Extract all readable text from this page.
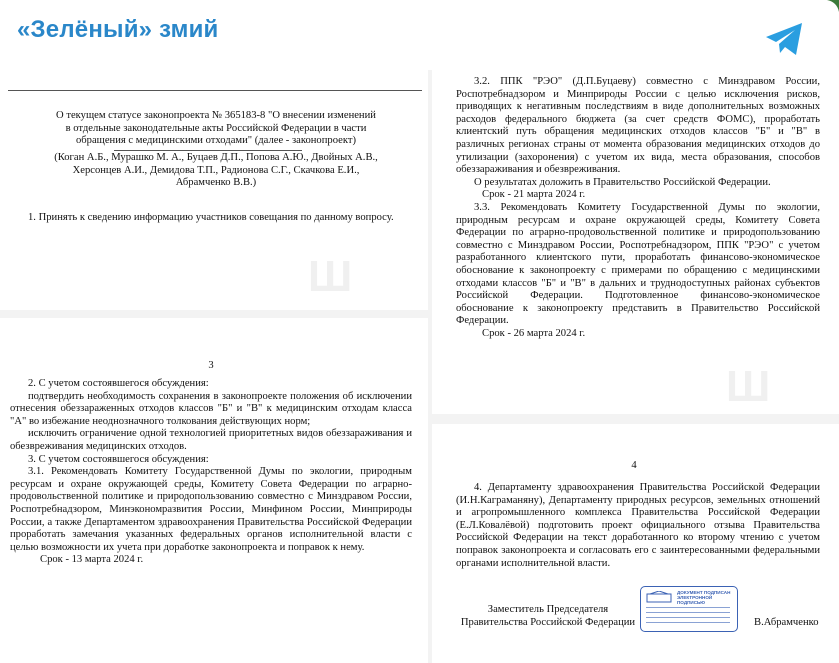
«Зелёный» змий
Ш
О текущем статусе законопроекта № 365183-8 "О внесении изменений
в отдельные законодательные акты Российской Федерации в части
обращения с медицинскими отходами" (далее - законопроект)
(Коган А.Б., Мурашко М. А., Буцаев Д.П., Попова А.Ю., Двойных А.В.,
Херсонцев А.И., Демидова Т.П., Радионова С.Г., Скачкова Е.И.,
Абрамченко В.В.)

1. Принять к сведению информацию участников совещания по данному вопросу.

3

2. С учетом состоявшегося обсуждения:

подтвердить необходимость сохранения в законопроекте положения об исключении отнесения обеззараженных отходов классов "Б" и "В" к медицинским отходам класса "А" во избежание неоднозначного толкования действующих норм;

исключить ограничение одной технологией приоритетных видов обеззараживания и обезвреживания медицинских отходов.

3. С учетом состоявшегося обсуждения:

3.1. Рекомендовать Комитету Государственной Думы по экологии, природным ресурсам и охране окружающей среды, Комитету Совета Федерации по аграрно-продовольственной политике и природопользованию совместно с Минздравом России, Роспотребнадзором, Минэкономразвития России, Минфином России, Минприроды России, а также Департаментом здравоохранения Правительства Российской Федерации проработать замечания указанных федеральных органов исполнительной власти с целью возможности их учета при доработке законопроекта и поправок к нему.

Срок - 13 марта 2024 г.

Ш

3.2. ППК "РЭО" (Д.П.Буцаеву) совместно с Минздравом России, Роспотребнадзором и Минприроды России с целью исключения рисков, приводящих к негативным последствиям в виде дополнительных возможных расходов федерального бюджета (за счет средств ФОМС), проработать клиентский путь обращения медицинских отходов классов "Б" и "В" в различных регионах страны от момента образования медицинских отходов до утилизации (захоронения) с учетом их вида, места образования, способов обеззараживания и обезвреживания.

О результатах доложить в Правительство Российской Федерации.

Срок - 21 марта 2024 г.

3.3. Рекомендовать Комитету Государственной Думы по экологии, природным ресурсам и охране окружающей среды, Комитету Совета Федерации по аграрно-продовольственной политике и природопользованию совместно с Минздравом России, Роспотребнадзором, ППК "РЭО" с учетом разработанного клиентского пути, проработать финансово-экономическое обоснование к законопроекту с примерами по обращению с медицинскими отходами классов "Б" и "В" в дальних и труднодоступных районах субъектов Российской Федерации. Подготовленное финансово-экономическое обоснование к законопроекту представить в Правительство Российской Федерации.

Срок - 26 марта 2024 г.

4

4. Департаменту здравоохранения Правительства Российской Федерации (И.Н.Каграманяну), Департаменту природных ресурсов, земельных отношений и агропромышленного комплекса Правительства Российской Федерации (Е.Л.Ковалёвой) подготовить проект официального отзыва Правительства Российской Федерации на текст доработанного ко второму чтению с учетом поправок законопроекта и согласовать его с заинтересованными федеральными органами исполнительной власти.

Заместитель Председателя
Правительства Российской Федерации	В.Абрамченко
ДОКУМЕНТ ПОДПИСАН ЭЛЕКТРОННОЙ ПОДПИСЬЮ
